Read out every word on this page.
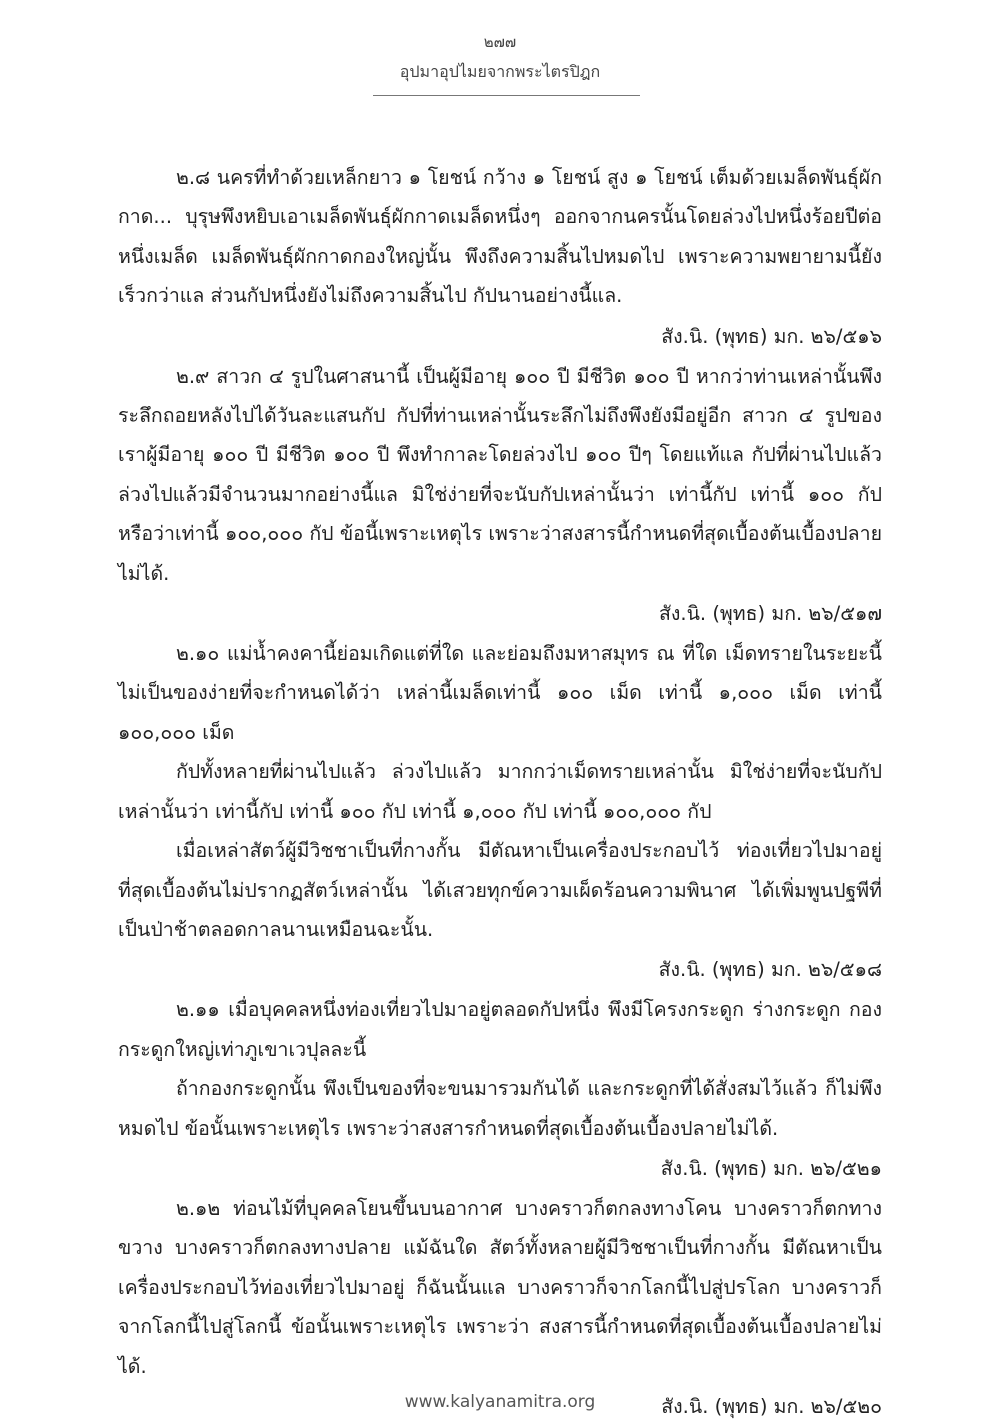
๒๗๗
อุปมาอุปไมยจากพระไตรปิฎก

๒.๘ นครที่ทำด้วยเหล็กยาว ๑ โยชน์ กว้าง ๑ โยชน์ สูง ๑ โยชน์ เต็มด้วยเมล็ดพันธุ์ผักกาด... บุรุษพึงหยิบเอาเมล็ดพันธุ์ผักกาดเมล็ดหนึ่งๆ ออกจากนครนั้นโดยล่วงไปหนึ่งร้อยปีต่อหนึ่งเมล็ด เมล็ดพันธุ์ผักกาดกองใหญ่นั้น พึงถึงความสิ้นไปหมดไป เพราะความพยายามนี้ยังเร็วกว่าแล ส่วนกัปหนึ่งยังไม่ถึงความสิ้นไป กัปนานอย่างนี้แล.

สัง.นิ. (พุทธ) มก. ๒๖/๕๑๖

๒.๙ สาวก ๔ รูปในศาสนานี้ เป็นผู้มีอายุ ๑๐๐ ปี มีชีวิต ๑๐๐ ปี หากว่าท่านเหล่านั้นพึงระลึกถอยหลังไปได้วันละแสนกัป กัปที่ท่านเหล่านั้นระลึกไม่ถึงพึงยังมีอยู่อีก สาวก ๔ รูปของเราผู้มีอายุ ๑๐๐ ปี มีชีวิต ๑๐๐ ปี พึงทำกาละโดยล่วงไป ๑๐๐ ปีๆ โดยแท้แล กัปที่ผ่านไปแล้ว ล่วงไปแล้วมีจำนวนมากอย่างนี้แล มิใช่ง่ายที่จะนับกัปเหล่านั้นว่า เท่านี้กัป เท่านี้ ๑๐๐ กัป หรือว่าเท่านี้ ๑๐๐,๐๐๐ กัป ข้อนี้เพราะเหตุไร เพราะว่าสงสารนี้กำหนดที่สุดเบื้องต้นเบื้องปลายไม่ได้.

สัง.นิ. (พุทธ) มก. ๒๖/๕๑๗

๒.๑๐ แม่น้ำคงคานี้ย่อมเกิดแต่ที่ใด และย่อมถึงมหาสมุทร ณ ที่ใด เม็ดทรายในระยะนี้ไม่เป็นของง่ายที่จะกำหนดได้ว่า เหล่านี้เมล็ดเท่านี้ ๑๐๐ เม็ด เท่านี้ ๑,๐๐๐ เม็ด เท่านี้ ๑๐๐,๐๐๐ เม็ด

กัปทั้งหลายที่ผ่านไปแล้ว ล่วงไปแล้ว มากกว่าเม็ดทรายเหล่านั้น มิใช่ง่ายที่จะนับกัปเหล่านั้นว่า เท่านี้กัป เท่านี้ ๑๐๐ กัป เท่านี้ ๑,๐๐๐ กัป เท่านี้ ๑๐๐,๐๐๐ กัป

เมื่อเหล่าสัตว์ผู้มีวิชชาเป็นที่กางกั้น มีตัณหาเป็นเครื่องประกอบไว้ ท่องเที่ยวไปมาอยู่ที่สุดเบื้องต้นไม่ปรากฏสัตว์เหล่านั้น ได้เสวยทุกข์ความเผ็ดร้อนความพินาศ ได้เพิ่มพูนปฐพีที่เป็นป่าช้าตลอดกาลนานเหมือนฉะนั้น.

สัง.นิ. (พุทธ) มก. ๒๖/๕๑๘

๒.๑๑ เมื่อบุคคลหนึ่งท่องเที่ยวไปมาอยู่ตลอดกัปหนึ่ง พึงมีโครงกระดูก ร่างกระดูก กองกระดูกใหญ่เท่าภูเขาเวปุลละนี้

ถ้ากองกระดูกนั้น พึงเป็นของที่จะขนมารวมกันได้ และกระดูกที่ได้สั่งสมไว้แล้ว ก็ไม่พึงหมดไป ข้อนั้นเพราะเหตุไร เพราะว่าสงสารกำหนดที่สุดเบื้องต้นเบื้องปลายไม่ได้.

สัง.นิ. (พุทธ) มก. ๒๖/๕๒๑

๒.๑๒ ท่อนไม้ที่บุคคลโยนขึ้นบนอากาศ บางคราวก็ตกลงทางโคน บางคราวก็ตกทางขวาง บางคราวก็ตกลงทางปลาย แม้ฉันใด สัตว์ทั้งหลายผู้มีวิชชาเป็นที่กางกั้น มีตัณหาเป็นเครื่องประกอบไว้ท่องเที่ยวไปมาอยู่ ก็ฉันนั้นแล บางคราวก็จากโลกนี้ไปสู่ปรโลก บางคราวก็จากโลกนี้ไปสู่โลกนี้ ข้อนั้นเพราะเหตุไร เพราะว่า สงสารนี้กำหนดที่สุดเบื้องต้นเบื้องปลายไม่ได้.

สัง.นิ. (พุทธ) มก. ๒๖/๕๒๐

www.kalyanamitra.org
